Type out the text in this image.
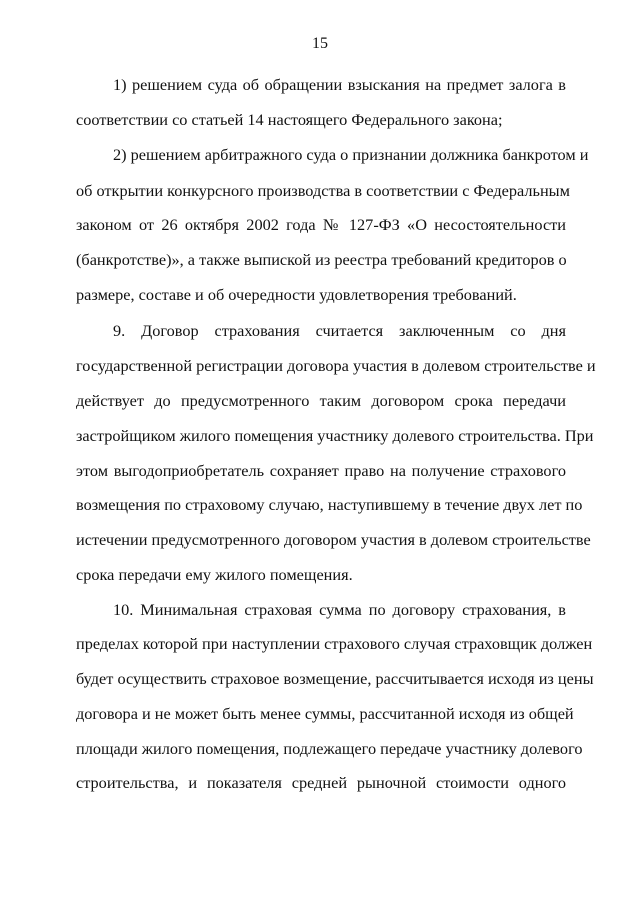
15
1) решением суда об обращении взыскания на предмет залога в
соответствии со статьей 14 настоящего Федерального закона;
2) решением арбитражного суда о признании должника банкротом и
об открытии конкурсного производства в соответствии с Федеральным
законом от 26 октября 2002 года № 127-ФЗ «О несостоятельности
(банкротстве)», а также выпиской из реестра требований кредиторов о
размере, составе и об очередности удовлетворения требований.
9. Договор страхования считается заключенным со дня
государственной регистрации договора участия в долевом строительстве и
действует до предусмотренного таким договором срока передачи
застройщиком жилого помещения участнику долевого строительства. При
этом выгодоприобретатель сохраняет право на получение страхового
возмещения по страховому случаю, наступившему в течение двух лет по
истечении предусмотренного договором участия в долевом строительстве
срока передачи ему жилого помещения.
10. Минимальная страховая сумма по договору страхования, в
пределах которой при наступлении страхового случая страховщик должен
будет осуществить страховое возмещение, рассчитывается исходя из цены
договора и не может быть менее суммы, рассчитанной исходя из общей
площади жилого помещения, подлежащего передаче участнику долевого
строительства, и показателя средней рыночной стоимости одного
